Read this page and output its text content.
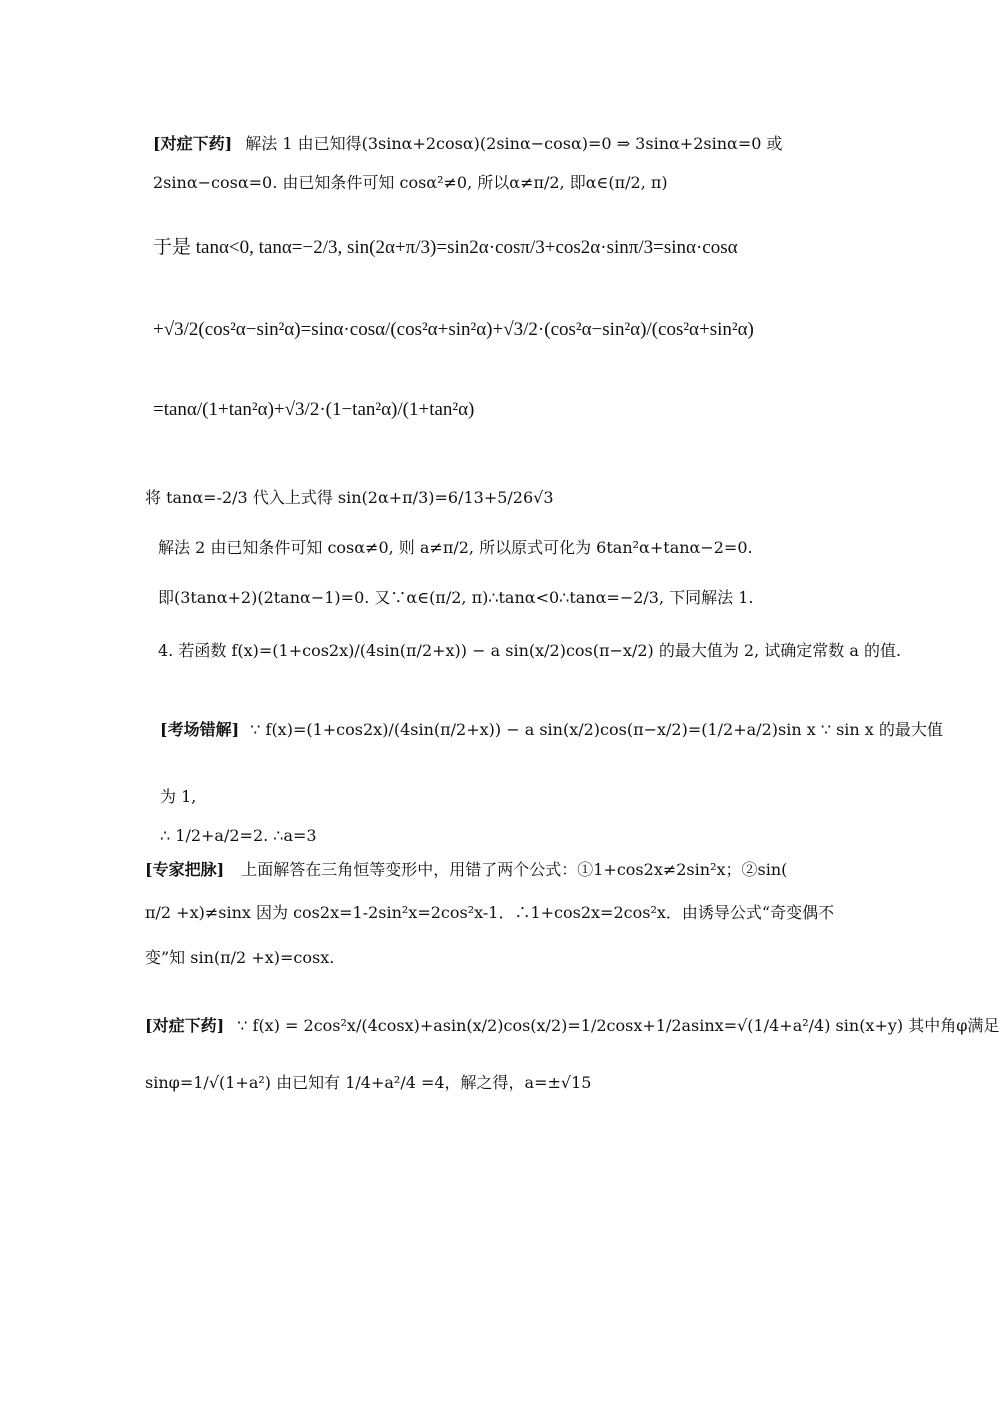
[对症下药] 解法 1 由已知得(3sinα+2cosα)(2sinα−cosα)=0 ⇒ 3sinα+2sinα=0 或
2sinα−cosα=0. 由已知条件可知 cosα²≠0, 所以α≠π/2, 即α∈(π/2, π)
于是 tanα<0, tanα=−2/3, sin(2α+π/3)=sin2α·cosπ/3+cos2α·sinπ/3=sinα·cosα
+√3/2(cos²α−sin²α)=sinα·cosα/(cos²α+sin²α)+√3/2·(cos²α−sin²α)/(cos²α+sin²α)
=tanα/(1+tan²α)+√3/2·(1−tan²α)/(1+tan²α)
将 tanα=-2/3 代入上式得 sin(2α+π/3)=6/13+5/26√3
解法 2 由已知条件可知 cosα≠0, 则 a≠π/2, 所以原式可化为 6tan²α+tanα−2=0.
即(3tanα+2)(2tanα−1)=0. 又∵α∈(π/2, π)∴tanα<0∴tanα=−2/3, 下同解法 1.
4. 若函数 f(x)=(1+cos2x)/(4sin(π/2+x)) − a sin(x/2)cos(π−x/2) 的最大值为 2, 试确定常数 a 的值.
[考场错解] ∵ f(x)=(1+cos2x)/(4sin(π/2+x)) − a sin(x/2)cos(π−x/2)=(1/2+a/2)sin x ∵ sin x 的最大值
为 1,
∴ 1/2+a/2=2. ∴a=3
[专家把脉] 上面解答在三角恒等变形中，用错了两个公式：①1+cos2x≠2sin²x；②sin(
π/2 +x)≠sinx 因为 cos2x=1-2sin²x=2cos²x-1．∴1+cos2x=2cos²x．由诱导公式“奇变偶不
变”知 sin(π/2 +x)=cosx.
[对症下药] ∵ f(x) = 2cos²x/(4cosx)+asin(x/2)cos(x/2)=1/2cosx+1/2asinx=√(1/4+a²/4) sin(x+y) 其中角φ满足
sinφ=1/√(1+a²) 由已知有 1/4+a²/4 =4，解之得，a=±√15
